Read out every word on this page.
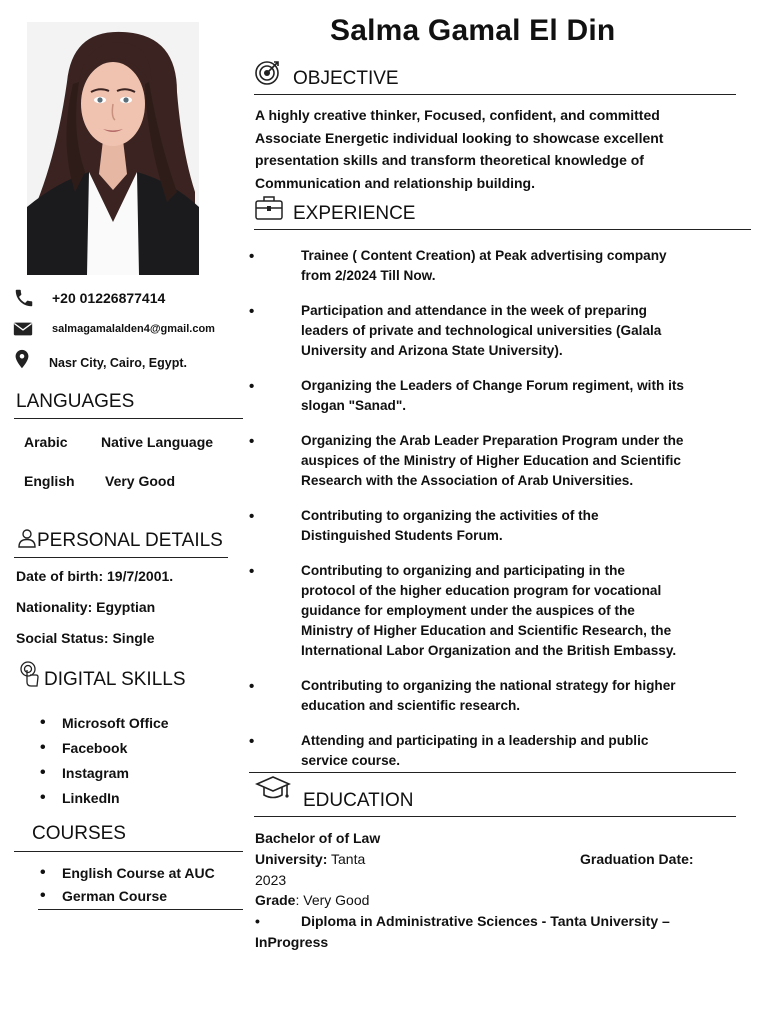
Salma Gamal El Din
+20 01226877414
salmagamalalden4@gmail.com
Nasr City, Cairo, Egypt.
LANGUAGES
Arabic Native Language
English Very Good
PERSONAL DETAILS
Date of birth: 19/7/2001.
Nationality: Egyptian
Social Status: Single
DIGITAL SKILLS
• Microsoft Office
• Facebook
• Instagram
• LinkedIn
COURSES
• English Course at AUC
• German Course
OBJECTIVE
A highly creative thinker, Focused, confident, and committed
Associate Energetic individual looking to showcase excellent
presentation skills and transform theoretical knowledge of
Communication and relationship building.
EXPERIENCE
•	Trainee ( Content Creation) at Peak advertising company
from 2/2024 Till Now.
•	Participation and attendance in the week of preparing
leaders of private and technological universities (Galala
University and Arizona State University).
•	Organizing the Leaders of Change Forum regiment, with its
slogan "Sanad".
•	Organizing the Arab Leader Preparation Program under the
auspices of the Ministry of Higher Education and Scientific
Research with the Association of Arab Universities.
•	Contributing to organizing the activities of the
Distinguished Students Forum.
•	Contributing to organizing and participating in the
protocol of the higher education program for vocational
guidance for employment under the auspices of the
Ministry of Higher Education and Scientific Research, the
International Labor Organization and the British Embassy.
•	Contributing to organizing the national strategy for higher
education and scientific research.
•	Attending and participating in a leadership and public
service course.
EDUCATION
Bachelor of of Law
University: Tanta	Graduation Date:
2023
Grade: Very Good
•	Diploma in Administrative Sciences - Tanta University –
InProgress
